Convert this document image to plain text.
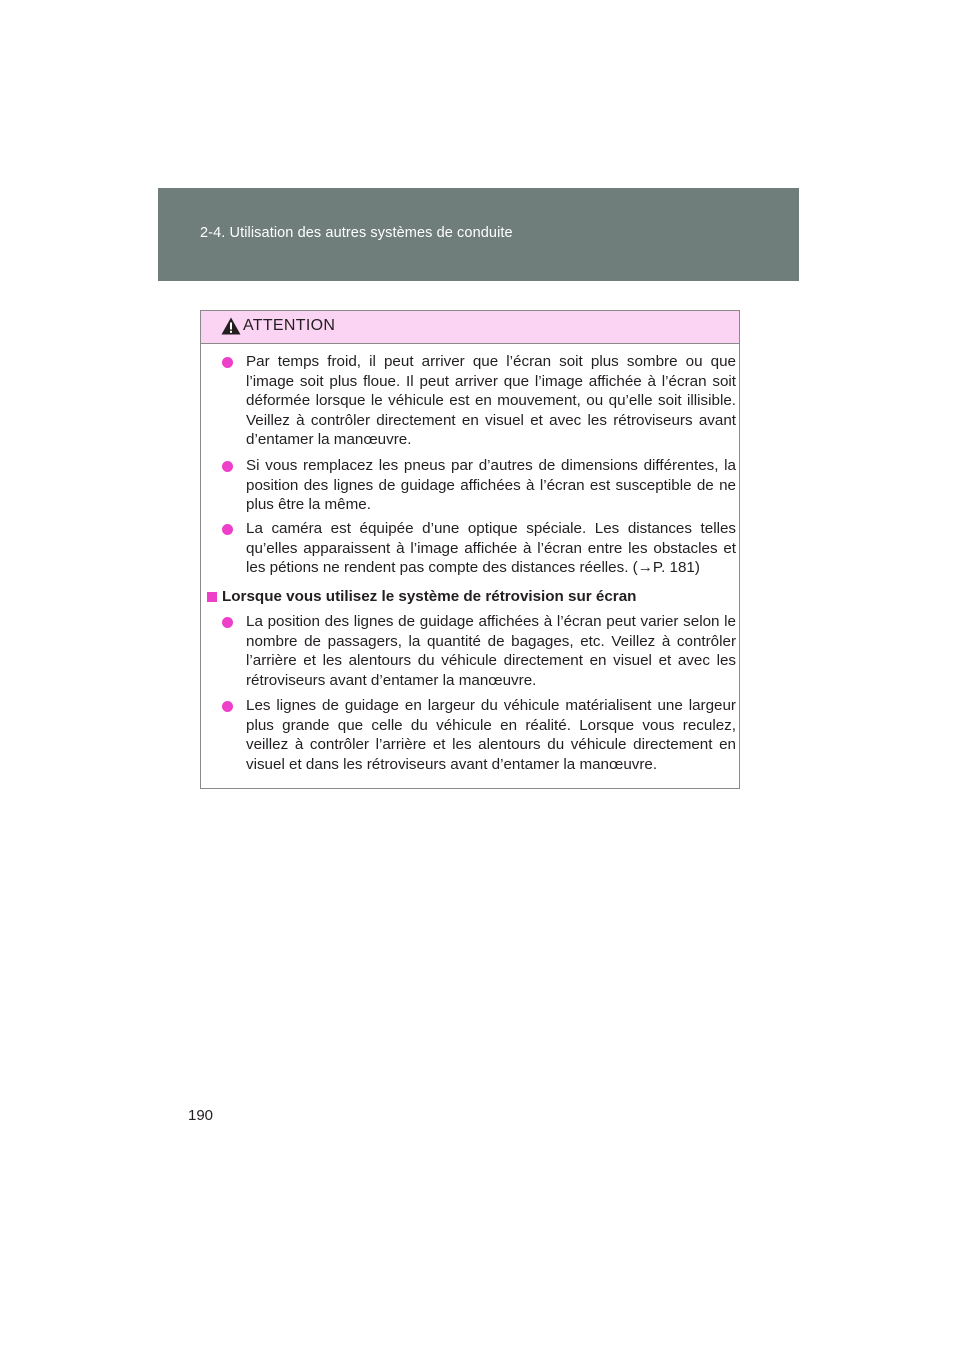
2-4. Utilisation des autres systèmes de conduite
ATTENTION

Par temps froid, il peut arriver que l’écran soit plus sombre ou que l’image soit plus floue. Il peut arriver que l’image affichée à l’écran soit déformée lorsque le véhicule est en mouvement, ou qu’elle soit illisible. Veillez à contrôler directement en visuel et avec les rétroviseurs avant d’entamer la manœuvre.

Si vous remplacez les pneus par d’autres de dimensions différentes, la position des lignes de guidage affichées à l’écran est susceptible de ne plus être la même.

La caméra est équipée d’une optique spéciale. Les distances telles qu’elles apparaissent à l’image affichée à l’écran entre les obstacles et les pétions ne rendent pas compte des distances réelles. (→P. 181)

Lorsque vous utilisez le système de rétrovision sur écran

La position des lignes de guidage affichées à l’écran peut varier selon le nombre de passagers, la quantité de bagages, etc. Veillez à contrôler l’arrière et les alentours du véhicule directement en visuel et avec les rétroviseurs avant d’entamer la manœuvre.

Les lignes de guidage en largeur du véhicule matérialisent une largeur plus grande que celle du véhicule en réalité. Lorsque vous reculez, veillez à contrôler l’arrière et les alentours du véhicule directement en visuel et dans les rétroviseurs avant d’entamer la manœuvre.

190
